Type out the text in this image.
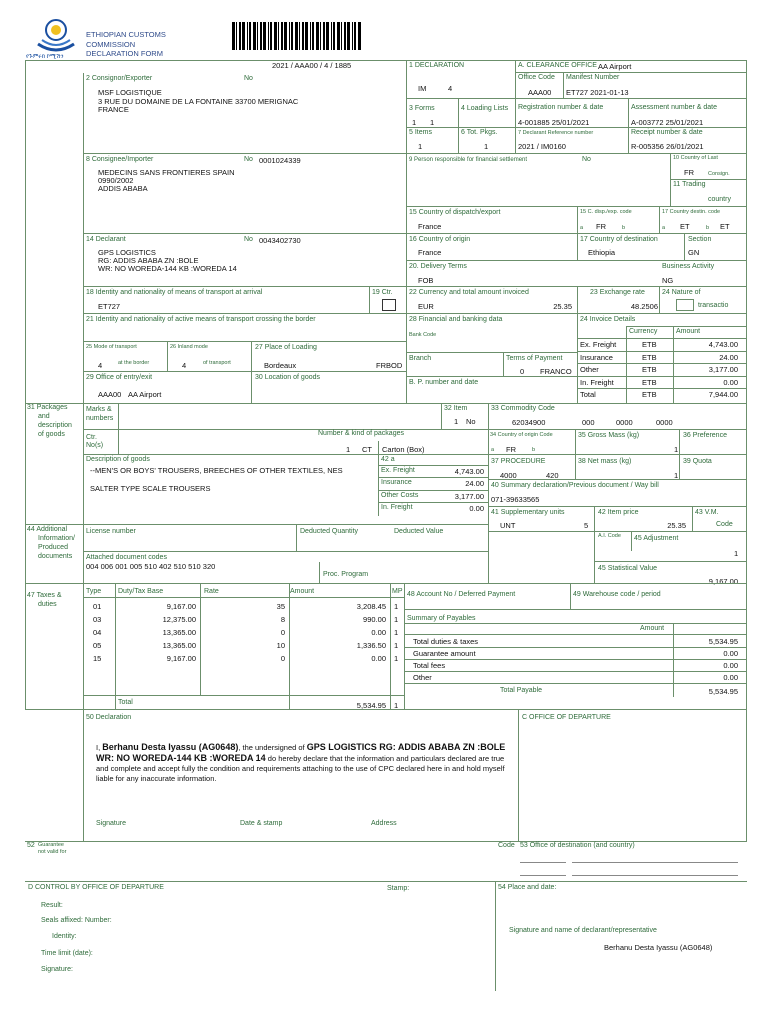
የጉምሩክ ኮሚሽን
ETHIOPIAN CUSTOMS
COMMISSION
DECLARATION FORM
2021 / AAA00 / 4 / 1885	1 DECLARATION
IM	4
A. CLEARANCE OFFICE AA Airport
Office Code Manifest Number
AAA00 ET727 2021-01-13
3 Forms
1 1
4 Loading Lists Registration number & date
4-001885 25/01/2021
Assessment number & date
A-003772 25/01/2021
5 Items
1
6 Tot. Pkgs.
1
7 Declarant Reference number
2021 / IM0160
Receipt number & date
R-005356 26/01/2021
2 Consignor/Exporter	No
MSF LOGISTIQUE
3 RUE DU DOMAINE DE LA FONTAINE 33700 MERIGNAC
FRANCE
8 Consignee/Importer	No 0001024339
MEDECINS SANS FRONTIERES SPAIN
0990/2002
ADDIS ABABA
9 Person responsible for financial settlement	No	10 Country of Last
FR	Consign.
11 Trading
country
15 Country of dispatch/export
France
15 C. disp./exp. code
a FR	b
17 Country destin. code
a ET	b ET
14 Declarant	No 0043402730
GPS LOGISTICS
RG: ADDIS ABABA ZN :BOLE
WR: NO WOREDA-144 KB :WOREDA 14
16 Country of origin
France
17 Country of destination
Ethiopia
Section
GN
20. Delivery Terms
FOB
Business Activity
NG
18 Identity and nationality of means of transport at arrival
ET727
19 Ctr. 22 Currency and total amount invoiced
EUR	25.35
23 Exchange rate
48.2506
24 Nature of
transactio
21 Identity and nationality of active means of transport crossing the border	28 Financial and banking data
Bank Code
Branch	Terms of Payment
0 FRANCO
B. P. number and date
24 Invoice Details
Currency	Amount
Ex. Freight	ETB	4,743.00
Insurance	ETB	24.00
Other	ETB	3,177.00
In. Freight	ETB	0.00
Total	ETB	7,944.00
25 Mode of transport
4	at the border
26 Inland mode
4	of transport
27 Place of Loading
Bordeaux	FRBOD
29 Office of entry/exit
AAA00 AA Airport
30 Location of goods
31 Packages
and
description
of goods
Marks &
numbers
32 Item
1 No
33 Commodity Code
62034900	000	0000	0000
Ctr.
No(s)
Number & kind of packages
1 CT Carton (Box)
34 Country of origin Code
a FR	b
35 Gross Mass (kg)
1
36 Preference
Description of goods
--MEN'S OR BOYS' TROUSERS, BREECHES OF OTHER TEXTILES, NES
SALTER TYPE SCALE TROUSERS
42 a
Ex. Freight	4,743.00
Insurance	24.00
Other Costs	3,177.00
In. Freight	0.00
37 PROCEDURE
4000	420
38 Net mass (kg)
1
39 Quota
40 Summary declaration/Previous document / Way bill
071-39633565
41 Supplementary units
UNT	5
42 Item price
25.35
43 V.M.
Code
A.I. Code 45 Adjustment
1
44 Additional
Information/
Produced
documents
License number	Deducted Quantity	Deducted Value
Attached document codes
004 006 001 005 510 402 510 510 320
Proc. Program
45 Statistical Value
9,167.00
47 Taxes &
duties
Type Duty/Tax Base	Rate	Amount	MP
01	9,167.00	35	3,208.45 1
03	12,375.00	8	990.00 1
04	13,365.00	0	0.00 1
05	13,365.00	10	1,336.50 1
15	9,167.00	0	0.00 1
Total	5,534.95 1
48 Account No / Deferred Payment	49 Warehouse code / period
Summary of Payables
Amount
Total duties & taxes	5,534.95
Guarantee amount	0.00
Total fees	0.00
Other	0.00
Total Payable	5,534.95
50 Declaration	C OFFICE OF DEPARTURE
I, Berhanu Desta Iyassu (AG0648), the undersigned of GPS LOGISTICS RG: ADDIS ABABA ZN :BOLE WR: NO WOREDA-144 KB :WOREDA 14 do hereby declare that the information and particulars declared are true and complete and accept fully the condition and requirements attaching to the use of CPC declared here in and hold myself liable for any inaccurate information.
Signature	Date & stamp	Address
52 Guarantee
not valid for
Code 53 Office of destination (and country)
D CONTROL BY OFFICE OF DEPARTURE	Stamp:	54 Place and date:
Result:
Seals affixed: Number:
Identity:
Time limit (date):
Signature:
Signature and name of declarant/representative
Berhanu Desta Iyassu (AG0648)
